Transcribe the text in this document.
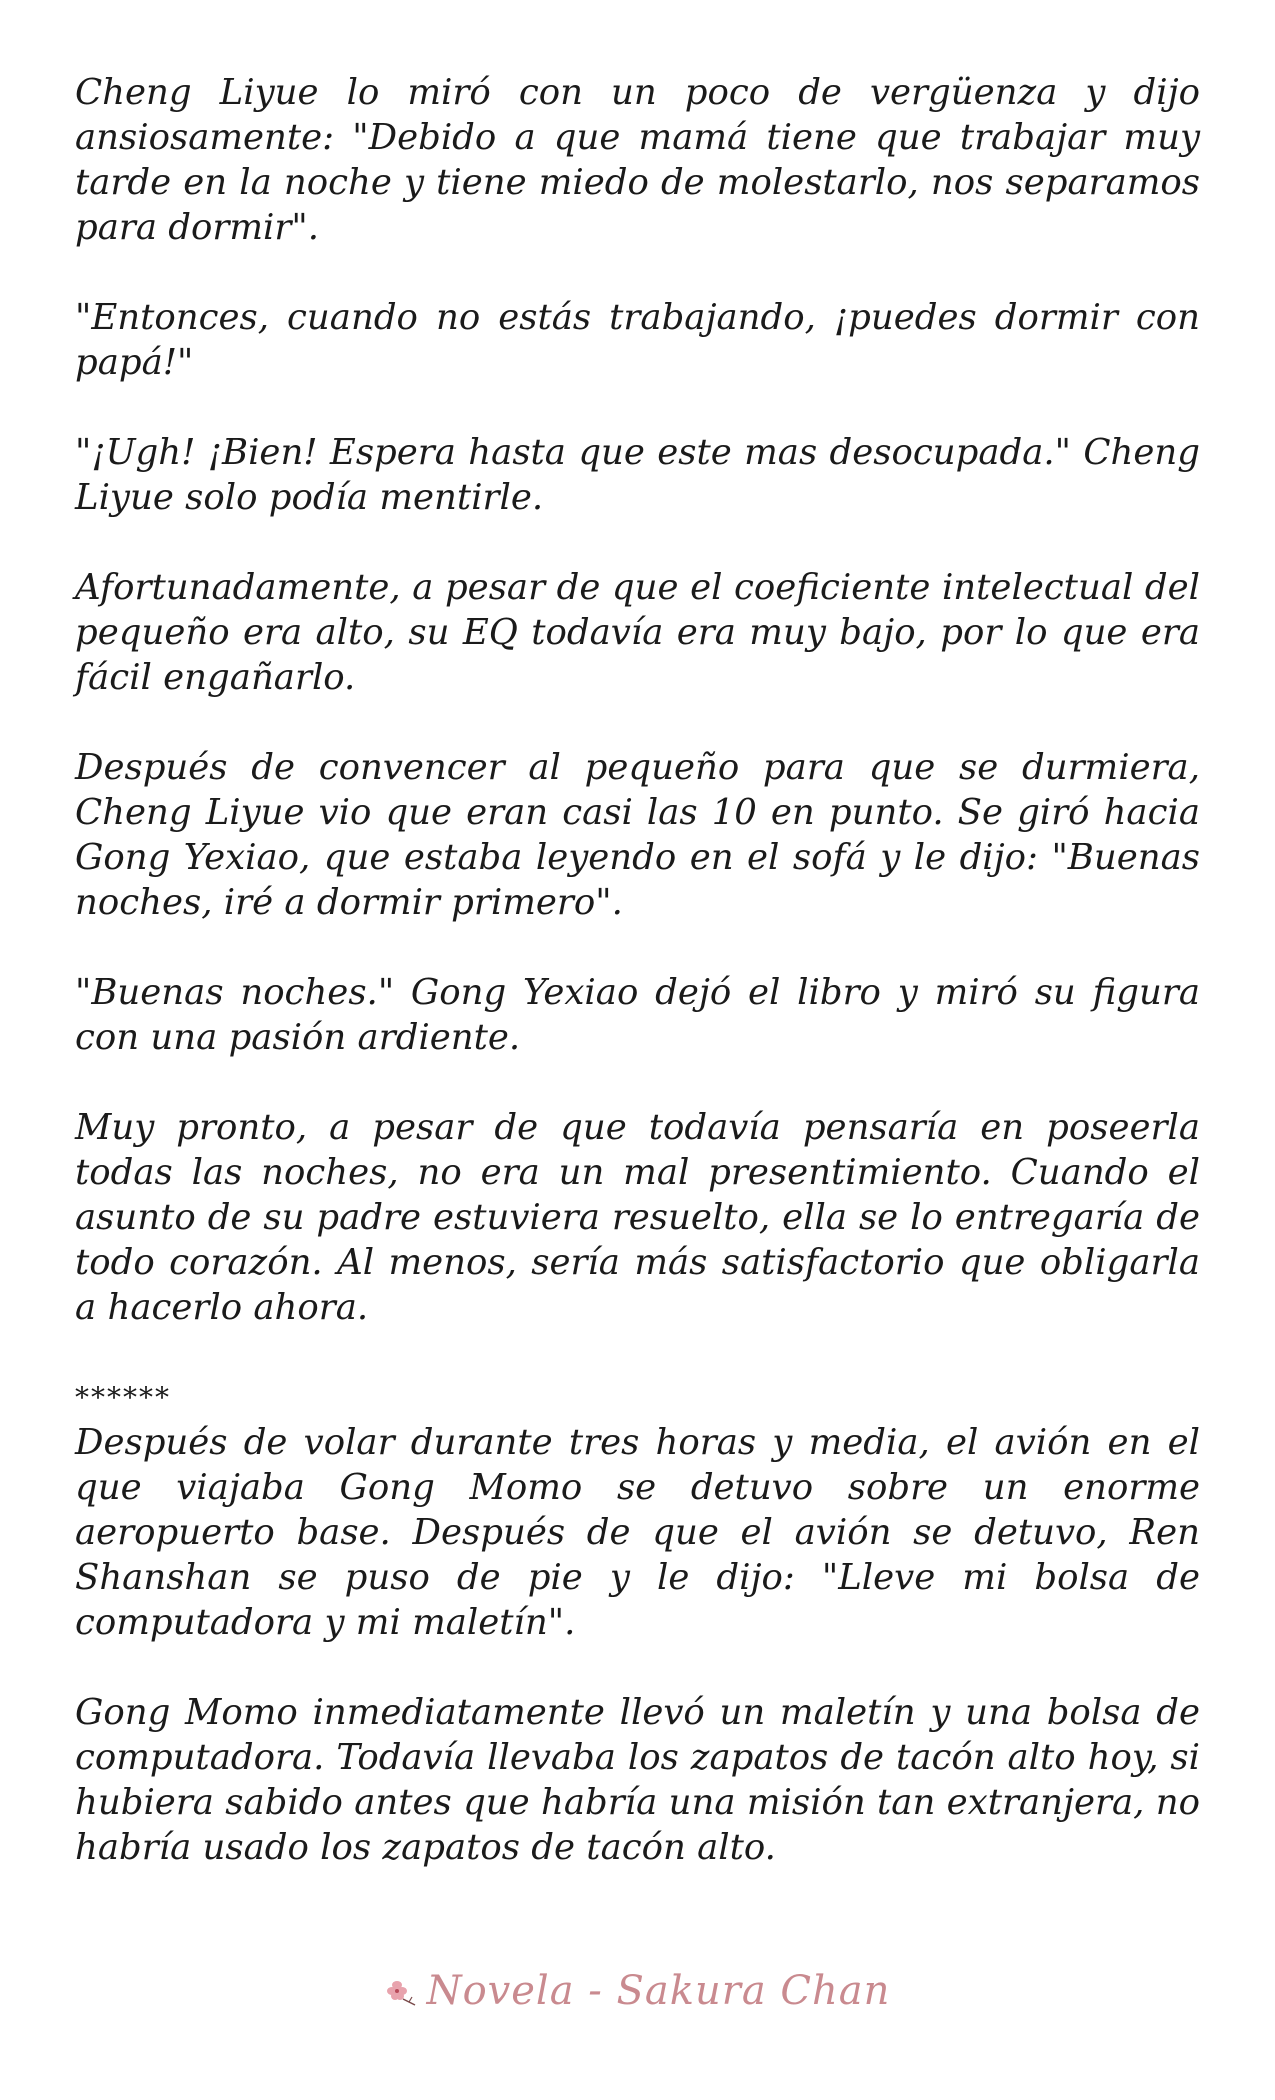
Cheng Liyue lo miró con un poco de vergüenza y dijo ansiosamente: "Debido a que mamá tiene que trabajar muy tarde en la noche y tiene miedo de molestarlo, nos separamos para dormir".

"Entonces, cuando no estás trabajando, ¡puedes dormir con papá!"

"¡Ugh! ¡Bien! Espera hasta que este mas desocupada." Cheng Liyue solo podía mentirle.

Afortunadamente, a pesar de que el coeficiente intelectual del pequeño era alto, su EQ todavía era muy bajo, por lo que era fácil engañarlo.

Después de convencer al pequeño para que se durmiera, Cheng Liyue vio que eran casi las 10 en punto. Se giró hacia Gong Yexiao, que estaba leyendo en el sofá y le dijo: "Buenas noches, iré a dormir primero".

"Buenas noches." Gong Yexiao dejó el libro y miró su figura con una pasión ardiente.

Muy pronto, a pesar de que todavía pensaría en poseerla todas las noches, no era un mal presentimiento. Cuando el asunto de su padre estuviera resuelto, ella se lo entregaría de todo corazón. Al menos, sería más satisfactorio que obligarla a hacerlo ahora.

******

Después de volar durante tres horas y media, el avión en el que viajaba Gong Momo se detuvo sobre un enorme aeropuerto base. Después de que el avión se detuvo, Ren Shanshan se puso de pie y le dijo: "Lleve mi bolsa de computadora y mi maletín".

Gong Momo inmediatamente llevó un maletín y una bolsa de computadora. Todavía llevaba los zapatos de tacón alto hoy, si hubiera sabido antes que habría una misión tan extranjera, no habría usado los zapatos de tacón alto.

Novela - Sakura Chan
